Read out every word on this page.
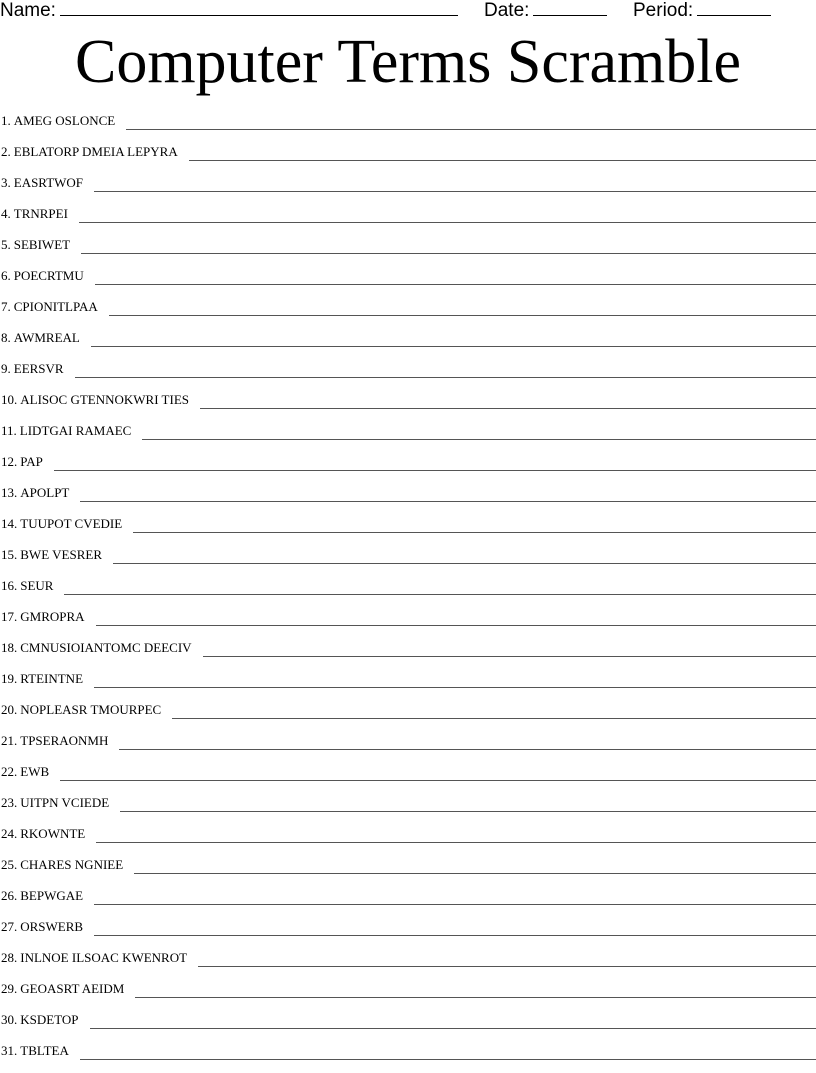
Name:	Date:	Period:
Computer Terms Scramble
1. AMEG OSLONCE
2. EBLATORP DMEIA LEPYRA
3. EASRTWOF
4. TRNRPEI
5. SEBIWET
6. POECRTMU
7. CPIONITLPAA
8. AWMREAL
9. EERSVR
10. ALISOC GTENNOKWRI TIES
11. LIDTGAI RAMAEC
12. PAP
13. APOLPT
14. TUUPOT CVEDIE
15. BWE VESRER
16. SEUR
17. GMROPRA
18. CMNUSIOIANTOMC DEECIV
19. RTEINTNE
20. NOPLEASR TMOURPEC
21. TPSERAONMH
22. EWB
23. UITPN VCIEDE
24. RKOWNTE
25. CHARES NGNIEE
26. BEPWGAE
27. ORSWERB
28. INLNOE ILSOAC KWENROT
29. GEOASRT AEIDM
30. KSDETOP
31. TBLTEA
